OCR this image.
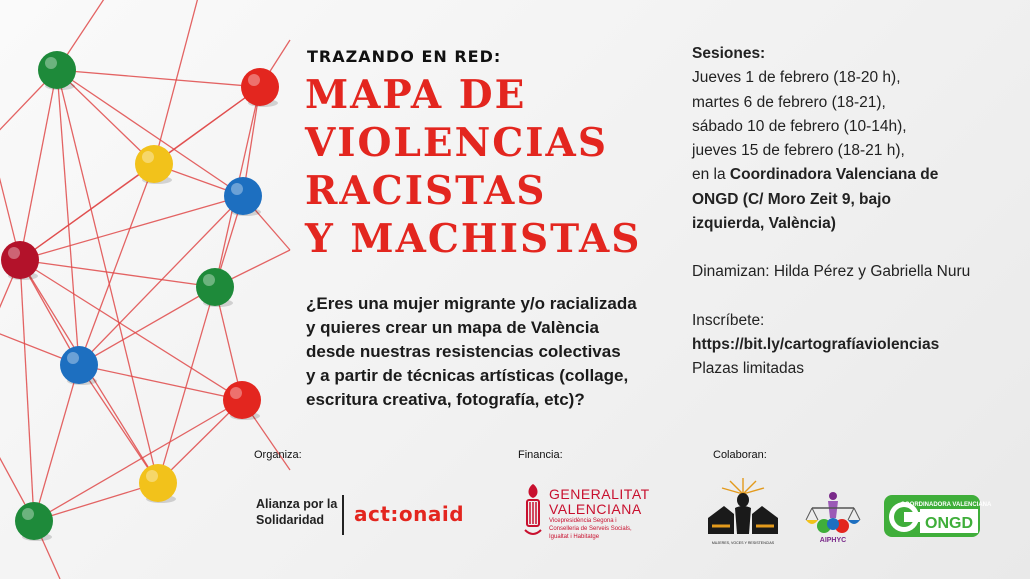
TRAZANDO EN RED:
MAPA DE
VIOLENCIAS
RACISTAS
Y MACHISTAS

¿Eres una mujer migrante y/o racializada
y quieres crear un mapa de València
desde nuestras resistencias colectivas
y a partir de técnicas artísticas (collage,
escritura creativa, fotografía, etc)?

Sesiones:
Jueves 1 de febrero (18-20 h),
martes 6 de febrero (18-21),
sábado 10 de febrero (10-14h),
jueves 15 de febrero (18-21 h),
en la Coordinadora Valenciana de
ONGD (C/ Moro Zeit 9, bajo
izquierda, València)
Dinamizan: Hilda Pérez y Gabriella Nuru
Inscríbete:
https://bit.ly/cartografíaviolencias
Plazas limitadas
Organiza:	Financia:	Colaboran:
Alianza por la
Solidaridad	act:onaid
GENERALITAT
VALENCIANA
Vicepresidència Segona i
Conselleria de Serveis Socials,
Igualtat i Habitatge
MUJERES, VOCES Y RESISTENCIAS	AIPHYC
COORDINADORA VALENCIANA
ONGD
